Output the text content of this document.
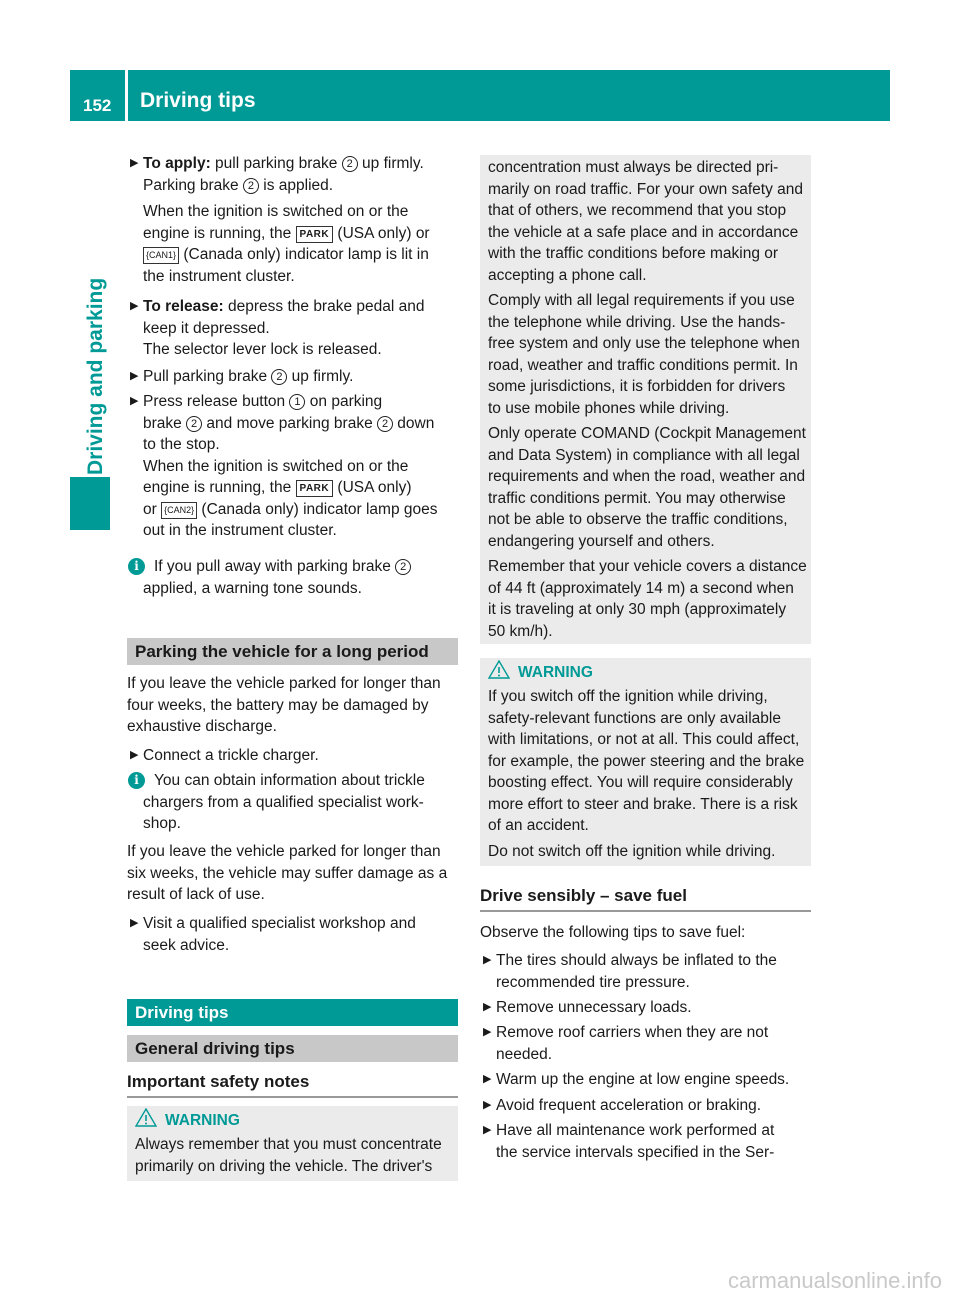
152	Driving tips
Driving and parking
▶ To apply: pull parking brake 2 up firmly.
Parking brake 2 is applied.
When the ignition is switched on or the
engine is running, the PARK (USA only) or
{CAN1} (Canada only) indicator lamp is lit in
the instrument cluster.
▶ To release: depress the brake pedal and
keep it depressed.
The selector lever lock is released.
▶ Pull parking brake 2 up firmly.
▶ Press release button 1 on parking
brake 2 and move parking brake 2 down
to the stop.
When the ignition is switched on or the
engine is running, the PARK (USA only)
or {CAN2} (Canada only) indicator lamp goes
out in the instrument cluster.
i If you pull away with parking brake 2
applied, a warning tone sounds.
Parking the vehicle for a long period
If you leave the vehicle parked for longer than
four weeks, the battery may be damaged by
exhaustive discharge.
▶ Connect a trickle charger.
i You can obtain information about trickle
chargers from a qualified specialist work-
shop.
If you leave the vehicle parked for longer than
six weeks, the vehicle may suffer damage as a
result of lack of use.
▶ Visit a qualified specialist workshop and
seek advice.
Driving tips
General driving tips
Important safety notes
WARNING
Always remember that you must concentrate
primarily on driving the vehicle. The driver's
concentration must always be directed pri-
marily on road traffic. For your own safety and
that of others, we recommend that you stop
the vehicle at a safe place and in accordance
with the traffic conditions before making or
accepting a phone call.
Comply with all legal requirements if you use
the telephone while driving. Use the hands-
free system and only use the telephone when
road, weather and traffic conditions permit. In
some jurisdictions, it is forbidden for drivers
to use mobile phones while driving.
Only operate COMAND (Cockpit Management
and Data System) in compliance with all legal
requirements and when the road, weather and
traffic conditions permit. You may otherwise
not be able to observe the traffic conditions,
endangering yourself and others.
Remember that your vehicle covers a distance
of 44 ft (approximately 14 m) a second when
it is traveling at only 30 mph (approximately
50 km/h).
WARNING
If you switch off the ignition while driving,
safety-relevant functions are only available
with limitations, or not at all. This could affect,
for example, the power steering and the brake
boosting effect. You will require considerably
more effort to steer and brake. There is a risk
of an accident.
Do not switch off the ignition while driving.
Drive sensibly – save fuel
Observe the following tips to save fuel:
▶ The tires should always be inflated to the
recommended tire pressure.
▶ Remove unnecessary loads.
▶ Remove roof carriers when they are not
needed.
▶ Warm up the engine at low engine speeds.
▶ Avoid frequent acceleration or braking.
▶ Have all maintenance work performed at
the service intervals specified in the Ser-
carmanualsonline.info
